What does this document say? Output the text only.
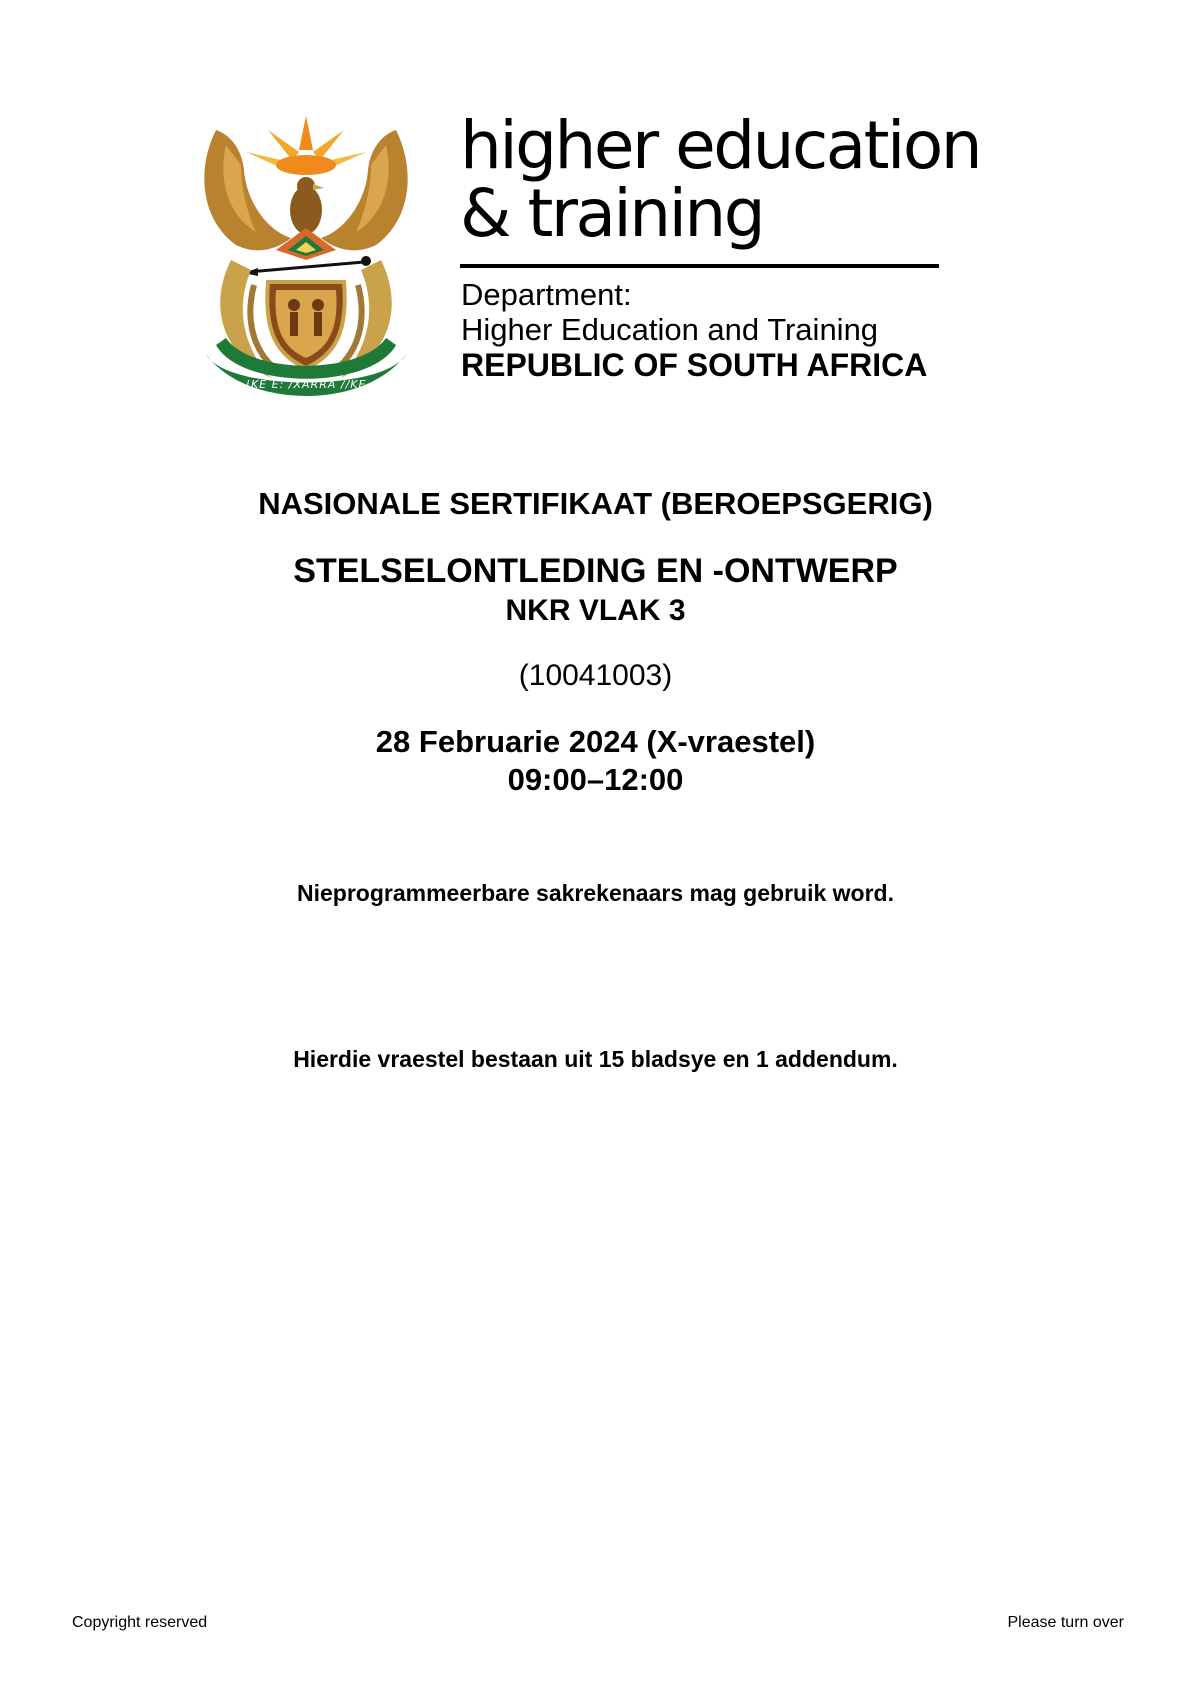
!KE E: /XARRA //KE

higher education

& training

Department:
Higher Education and Training
REPUBLIC OF SOUTH AFRICA
NASIONALE SERTIFIKAAT (BEROEPSGERIG)
STELSELONTLEDING EN -ONTWERP
NKR VLAK 3
(10041003)
28 Februarie 2024 (X-vraestel)
09:00–12:00
Nieprogrammeerbare sakrekenaars mag gebruik word.
Hierdie vraestel bestaan uit 15 bladsye en 1 addendum.
Copyright reserved	Please turn over
